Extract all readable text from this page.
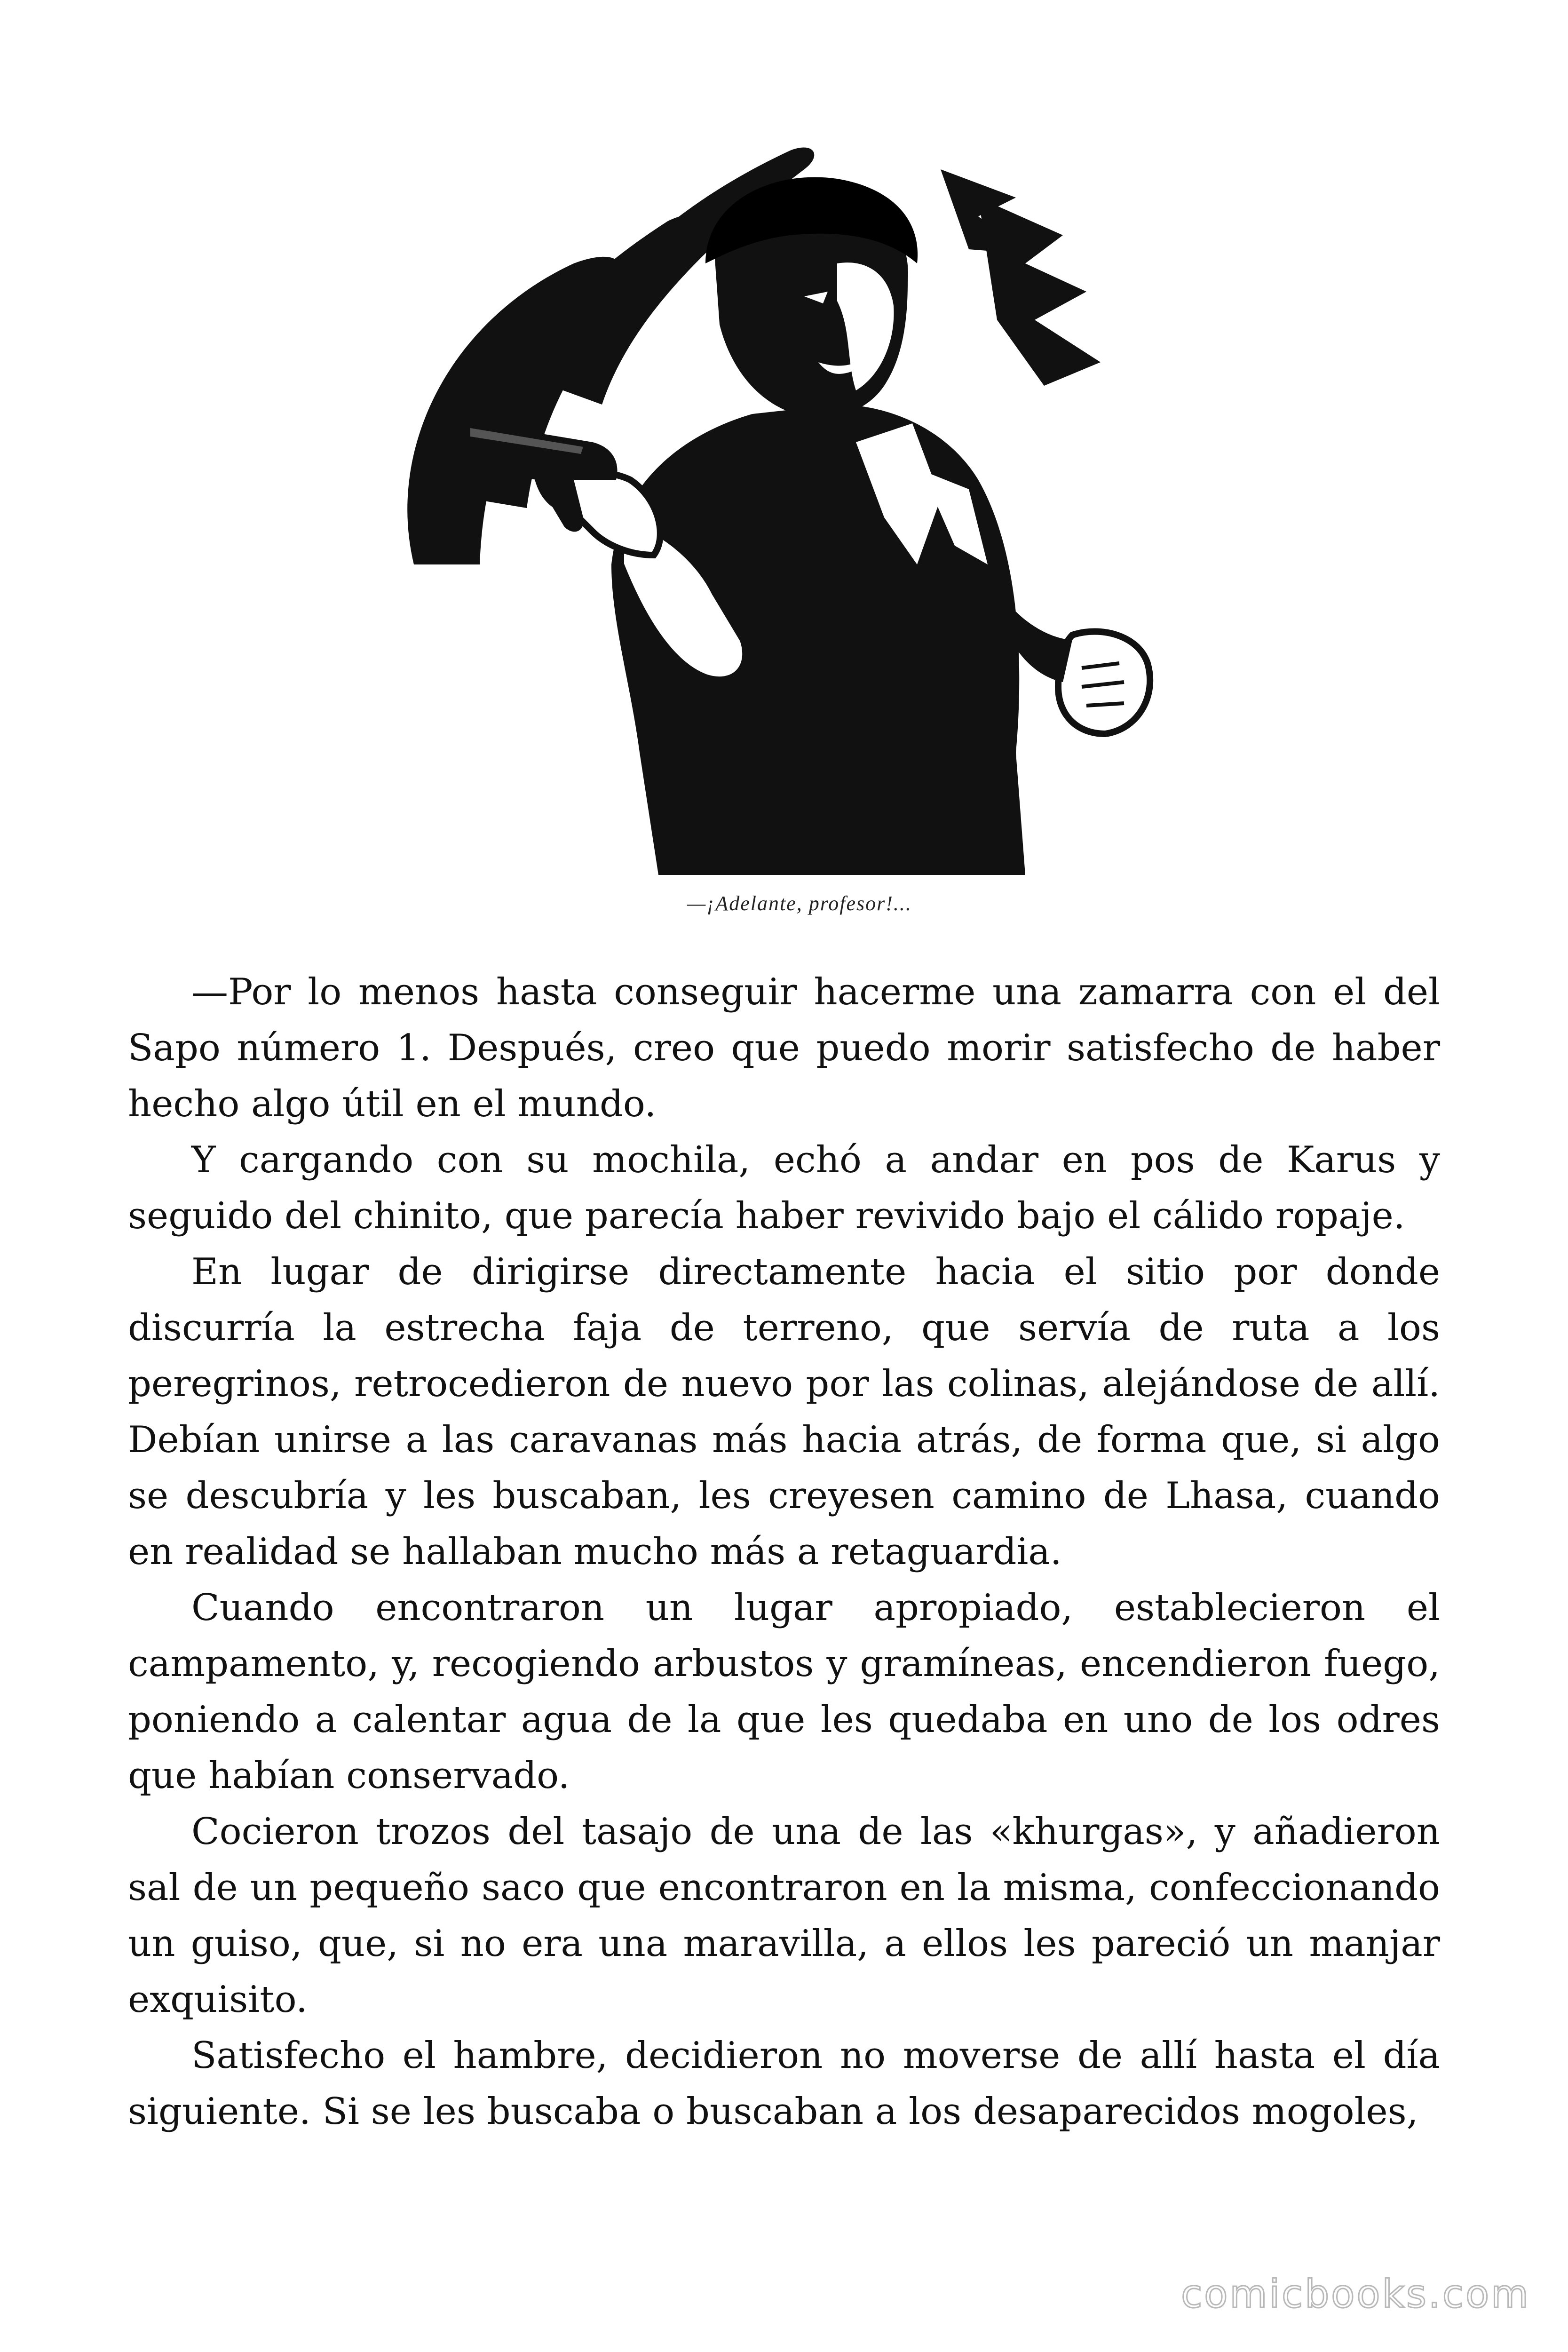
—¡Adelante, profesor!...

—Por lo menos hasta conseguir hacerme una zamarra con el del Sapo número 1. Después, creo que puedo morir satisfecho de haber hecho algo útil en el mundo.

Y cargando con su mochila, echó a andar en pos de Karus y seguido del chinito, que parecía haber revivido bajo el cálido ropaje.

En lugar de dirigirse directamente hacia el sitio por donde discurría la estrecha faja de terreno, que servía de ruta a los peregrinos, retrocedieron de nuevo por las colinas, alejándose de allí. Debían unirse a las caravanas más hacia atrás, de forma que, si algo se descubría y les buscaban, les creyesen camino de Lhasa, cuando en realidad se hallaban mucho más a retaguardia.

Cuando encontraron un lugar apropiado, establecieron el campamento, y, recogiendo arbustos y gramíneas, encendieron fuego, poniendo a calentar agua de la que les quedaba en uno de los odres que habían conservado.

Cocieron trozos del tasajo de una de las «khurgas», y añadieron sal de un pequeño saco que encontraron en la misma, confeccionando un guiso, que, si no era una maravilla, a ellos les pareció un manjar exquisito.

Satisfecho el hambre, decidieron no moverse de allí hasta el día siguiente. Si se les buscaba o buscaban a los desaparecidos mogoles,

comicbooks.com
